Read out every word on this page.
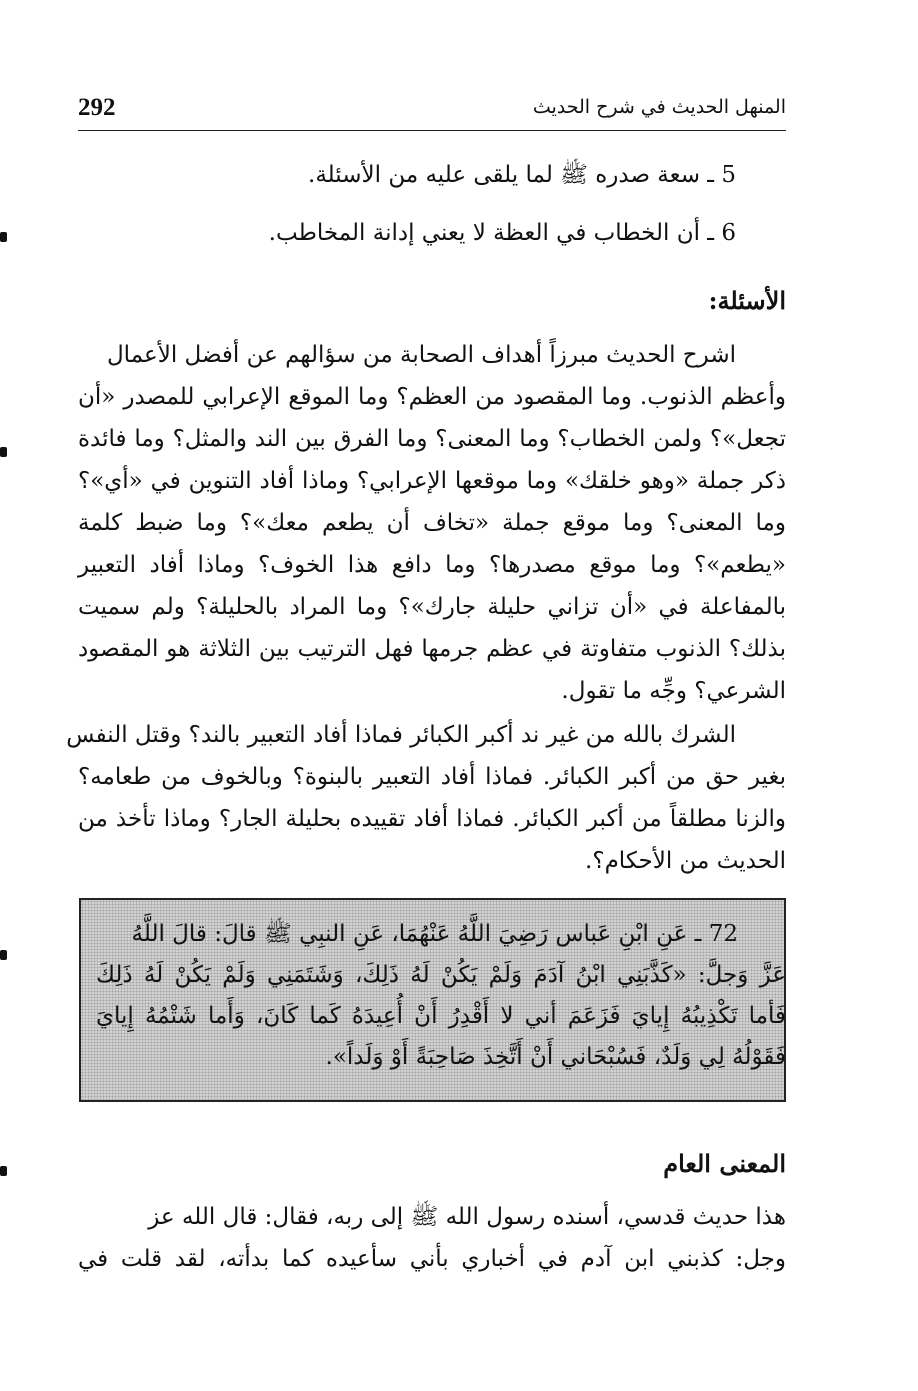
292	المنهل الحديث في شرح الحديث
5 ـ سعة صدره ﷺ لما يلقى عليه من الأسئلة.
6 ـ أن الخطاب في العظة لا يعني إدانة المخاطب.
الأسئلة:
اشرح الحديث مبرزاً أهداف الصحابة من سؤالهم عن أفضل الأعمال
وأعظم الذنوب. وما المقصود من العظم؟ وما الموقع الإعرابي للمصدر «أن
تجعل»؟ ولمن الخطاب؟ وما المعنى؟ وما الفرق بين الند والمثل؟ وما فائدة
ذكر جملة «وهو خلقك» وما موقعها الإعرابي؟ وماذا أفاد التنوين في «أي»؟
وما المعنى؟ وما موقع جملة «تخاف أن يطعم معك»؟ وما ضبط كلمة
«يطعم»؟ وما موقع مصدرها؟ وما دافع هذا الخوف؟ وماذا أفاد التعبير
بالمفاعلة في «أن تزاني حليلة جارك»؟ وما المراد بالحليلة؟ ولم سميت
بذلك؟ الذنوب متفاوتة في عظم جرمها فهل الترتيب بين الثلاثة هو المقصود
الشرعي؟ وجِّه ما تقول.
الشرك بالله من غير ند أكبر الكبائر فماذا أفاد التعبير بالند؟ وقتل النفس
بغير حق من أكبر الكبائر. فماذا أفاد التعبير بالبنوة؟ وبالخوف من طعامه؟
والزنا مطلقاً من أكبر الكبائر. فماذا أفاد تقييده بحليلة الجار؟ وماذا تأخذ من
الحديث من الأحكام؟.
72 ـ عَنِ ابْنِ عَباس رَضِيَ اللَّهُ عَنْهُمَا، عَنِ النبِي ﷺ قالَ: قالَ اللَّهُ
عَزَّ وَجلَّ: «كَذَّبَنِي ابْنُ آدَمَ وَلَمْ يَكُنْ لَهُ ذَلِكَ، وَشَتَمَنِي وَلَمْ يَكُنْ لَهُ ذَلِكَ
فَأما تَكْذِيبُهُ إِيايَ فَزَعَمَ أني لا أَقْدِرُ أَنْ أُعِيدَهُ كَما كَانَ، وَأَما شَتْمُهُ إِيايَ
فَقَوْلُهُ لِي وَلَدٌ، فَسُبْحَاني أَنْ أَتَّخِذَ صَاحِبَةً أَوْ وَلَداً».
المعنى العام
هذا حديث قدسي، أسنده رسول الله ﷺ إلى ربه، فقال: قال الله عز
وجل: كذبني ابن آدم في أخباري بأني سأعيده كما بدأته، لقد قلت في
